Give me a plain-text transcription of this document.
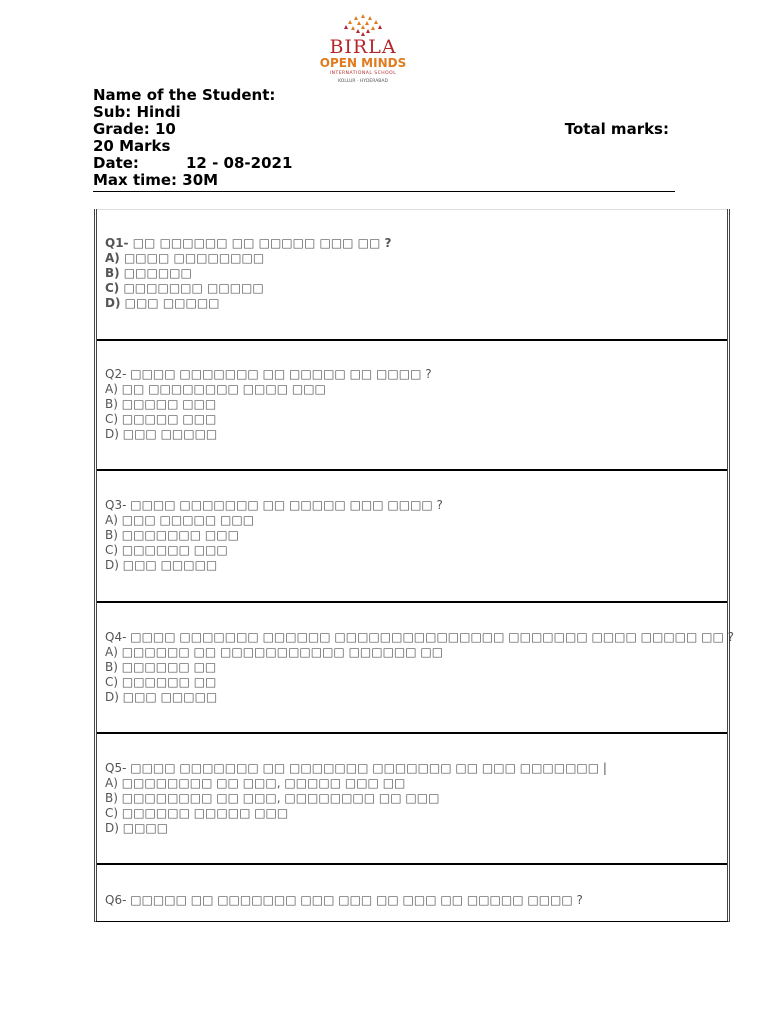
BIRLA
OPEN MINDS
INTERNATIONAL SCHOOL
KOLLUR · HYDERABAD
Name of the Student:
Sub: Hindi
Grade: 10	Total marks:
20 Marks
Date:	12 - 08-2021
Max time: 30M
Q1- □□ □□□□□□ □□ □□□□□ □□□ □□ ?
A) □□□□ □□□□□□□□
B) □□□□□□
C) □□□□□□□ □□□□□
D) □□□ □□□□□
Q2- □□□□ □□□□□□□ □□ □□□□□ □□ □□□□ ?
A) □□ □□□□□□□□ □□□□ □□□
B) □□□□□ □□□
C) □□□□□ □□□
D) □□□ □□□□□
Q3- □□□□ □□□□□□□ □□ □□□□□ □□□ □□□□ ?
A) □□□ □□□□□ □□□
B) □□□□□□□ □□□
C) □□□□□□ □□□
D) □□□ □□□□□
Q4- □□□□ □□□□□□□ □□□□□□ □□□□□□□□□□□□□□□ □□□□□□□ □□□□ □□□□□ □□ ?
A) □□□□□□ □□ □□□□□□□□□□□ □□□□□□ □□
B) □□□□□□ □□
C) □□□□□□ □□
D) □□□ □□□□□
Q5- □□□□ □□□□□□□ □□ □□□□□□□ □□□□□□□ □□ □□□ □□□□□□□ |
A) □□□□□□□□ □□ □□□, □□□□□ □□□ □□
B) □□□□□□□□ □□ □□□, □□□□□□□□ □□ □□□
C) □□□□□□ □□□□□ □□□
D) □□□□
Q6- □□□□□ □□ □□□□□□□ □□□ □□□ □□ □□□ □□ □□□□□ □□□□ ?
